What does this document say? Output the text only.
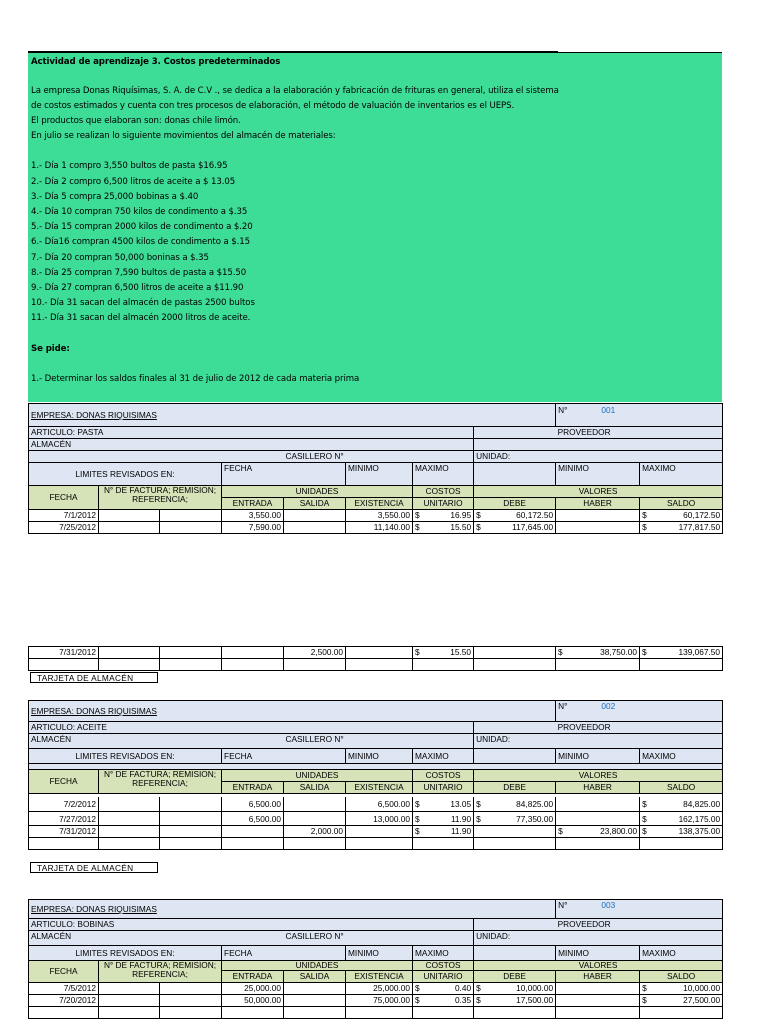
Actividad de aprendizaje 3. Costos predeterminados
La empresa Donas Riquísimas, S. A. de C.V ., se dedica a la elaboración y fabricación de frituras en general, utiliza el sistema
de costos estimados y cuenta con tres procesos de elaboración, el método de valuación de inventarios es el UEPS.
El productos que elaboran son: donas chile limón.
En julio se realizan lo siguiente movimientos del almacén de materiales:
1.- Día 1 compro 3,550 bultos de pasta $16.95
2.- Día 2 compro 6,500 litros de aceite a $ 13.05
3.- Día 5 compra 25,000 bobinas a $.40
4.- Día 10 compran 750 kilos de condimento a $.35
5.- Día 15 compran 2000 kilos de condimento a $.20
6.- Día16 compran 4500 kilos de condimento a $.15
7.- Día 20 compran 50,000 boninas a $.35
8.- Día 25 compran 7,590 bultos de pasta a $15.50
9.- Día 27 compran 6,500 litros de aceite a $11.90
10.- Día 31 sacan del almacén de pastas 2500 bultos
11.- Día 31 sacan del almacén 2000 litros de aceite.
Se pide:
1.- Determinar los saldos finales al 31 de julio de 2012 de cada materia prima
EMPRESA: DONAS RIQUISIMAS								N° 001	
ARTICULO: PASTA								PROVEEDOR	
ALMACÉN									
				CASILLERO N°			UNIDAD:		
LIMITES REVISADOS EN:			FECHA		MINIMO	MAXIMO		MINIMO	MAXIMO
FECHA	N° DE FACTURA; REMISION;
REFERENCIA;		UNIDADES			COSTOS	VALORES		
			ENTRADA	SALIDA	EXISTENCIA	UNITARIO	DEBE	HABER	SALDO
7/1/2012			3,550.00		3,550.00	$ 16.95	$ 60,172.50		$ 60,172.50

7/25/2012			7,590.00		11,140.00	$ 15.50	$ 117,645.00		$ 177,817.50
7/31/2012				2,500.00		$ 15.50		$ 38,750.00	$ 139,067.50

TARJETA DE ALMACÉN
EMPRESA: DONAS RIQUISIMAS								N° 002	
ARTICULO: ACEITE								PROVEEDOR	
ALMACÉN				CASILLERO N°			UNIDAD:		
LIMITES REVISADOS EN:			FECHA		MINIMO	MAXIMO		MINIMO	MAXIMO

FECHA	N° DE FACTURA; REMISION;
REFERENCIA;		UNIDADES			COSTOS	VALORES		
			ENTRADA	SALIDA	EXISTENCIA	UNITARIO	DEBE	HABER	SALDO

7/2/2012			6,500.00		6,500.00	$ 13.05	$ 84,825.00		$ 84,825.00

7/27/2012			6,500.00		13,000.00	$ 11.90	$ 77,350.00		$ 162,175.00

7/31/2012				2,000.00		$ 11.90		$ 23,800.00	$ 138,375.00

TARJETA DE ALMACÉN
EMPRESA: DONAS RIQUISIMAS								N° 003	
ARTICULO: BOBINAS								PROVEEDOR	
ALMACÉN				CASILLERO N°			UNIDAD:		
LIMITES REVISADOS EN:			FECHA		MINIMO	MAXIMO		MINIMO	MAXIMO
FECHA	N° DE FACTURA; REMISION;
REFERENCIA;		UNIDADES			COSTOS	VALORES		
			ENTRADA	SALIDA	EXISTENCIA	UNITARIO	DEBE	HABER	SALDO
7/5/2012			25,000.00		25,000.00	$ 0.40	$ 10,000.00		$ 10,000.00

7/20/2012			50,000.00		75,000.00	$ 0.35	$ 17,500.00		$ 27,500.00
